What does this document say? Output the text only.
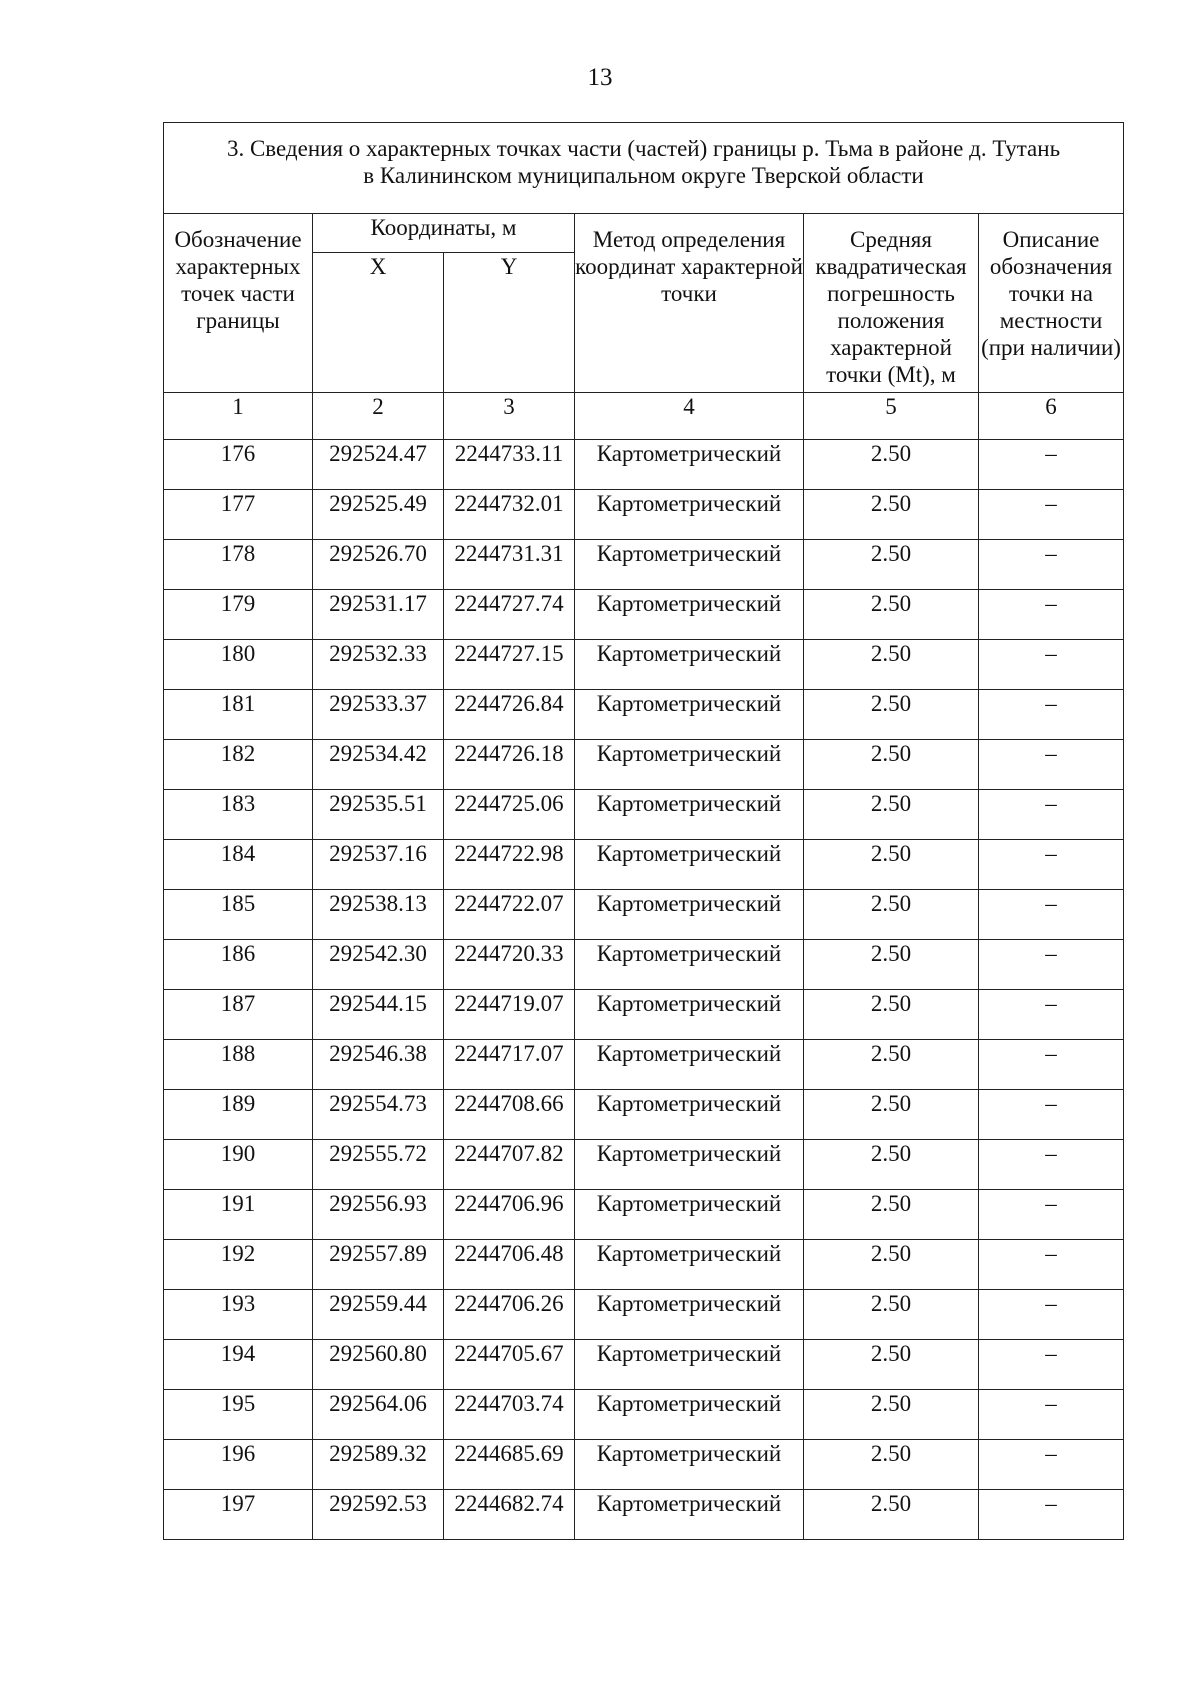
13
3. Сведения о характерных точках части (частей) границы р. Тьма в районе д. Тутань
в Калининском муниципальном округе Тверской области					

Обозначение характерных точек части границы	Координаты, м		Метод определения координат характерной точки	Средняя квадратическая погрешность положения характерной точки (Mt), м	Описание обозначения точки на местности (при наличии)
	X	Y			
1	2	3	4	5	6
176	292524.47	2244733.11	Картометрический	2.50	–
177	292525.49	2244732.01	Картометрический	2.50	–
178	292526.70	2244731.31	Картометрический	2.50	–
179	292531.17	2244727.74	Картометрический	2.50	–
180	292532.33	2244727.15	Картометрический	2.50	–
181	292533.37	2244726.84	Картометрический	2.50	–
182	292534.42	2244726.18	Картометрический	2.50	–
183	292535.51	2244725.06	Картометрический	2.50	–
184	292537.16	2244722.98	Картометрический	2.50	–
185	292538.13	2244722.07	Картометрический	2.50	–
186	292542.30	2244720.33	Картометрический	2.50	–
187	292544.15	2244719.07	Картометрический	2.50	–
188	292546.38	2244717.07	Картометрический	2.50	–
189	292554.73	2244708.66	Картометрический	2.50	–
190	292555.72	2244707.82	Картометрический	2.50	–
191	292556.93	2244706.96	Картометрический	2.50	–
192	292557.89	2244706.48	Картометрический	2.50	–
193	292559.44	2244706.26	Картометрический	2.50	–
194	292560.80	2244705.67	Картометрический	2.50	–
195	292564.06	2244703.74	Картометрический	2.50	–
196	292589.32	2244685.69	Картометрический	2.50	–
197	292592.53	2244682.74	Картометрический	2.50	–
